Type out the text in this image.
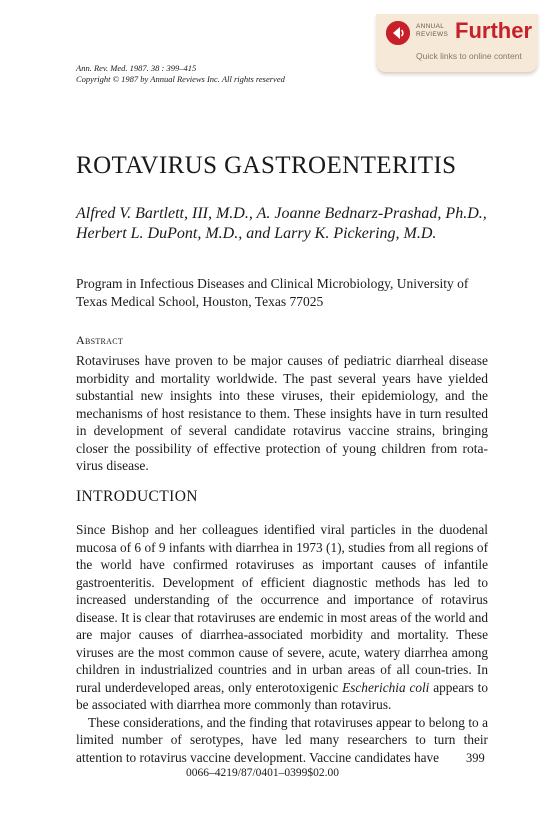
ANNUAL
REVIEWS Further
Quick links to online content
Ann. Rev. Med. 1987. 38 : 399–415
Copyright © 1987 by Annual Reviews Inc. All rights reserved
ROTAVIRUS GASTROENTERITIS
Alfred V. Bartlett, III, M.D., A. Joanne Bednarz-Prashad, Ph.D., Herbert L. DuPont, M.D., and Larry K. Pickering, M.D.
Program in Infectious Diseases and Clinical Microbiology, University of Texas Medical School, Houston, Texas 77025
Abstract
Rotaviruses have proven to be major causes of pediatric diarrheal disease morbidity and mortality worldwide. The past several years have yielded substantial new insights into these viruses, their epidemiology, and the mechanisms of host resistance to them. These insights have in turn resulted in development of several candidate rotavirus vaccine strains, bringing closer the possibility of effective protection of young children from rota-virus disease.
INTRODUCTION

Since Bishop and her colleagues identified viral particles in the duodenal mucosa of 6 of 9 infants with diarrhea in 1973 (1), studies from all regions of the world have confirmed rotaviruses as important causes of infantile gastroenteritis. Development of efficient diagnostic methods has led to increased understanding of the occurrence and importance of rotavirus disease. It is clear that rotaviruses are endemic in most areas of the world and are major causes of diarrhea-associated morbidity and mortality. These viruses are the most common cause of severe, acute, watery diarrhea among children in industrialized countries and in urban areas of all coun-tries. In rural underdeveloped areas, only enterotoxigenic Escherichia coli appears to be associated with diarrhea more commonly than rotavirus.

These considerations, and the finding that rotaviruses appear to belong to a limited number of serotypes, have led many researchers to turn their attention to rotavirus vaccine development. Vaccine candidates have	399
0066–4219/87/0401–0399$02.00
